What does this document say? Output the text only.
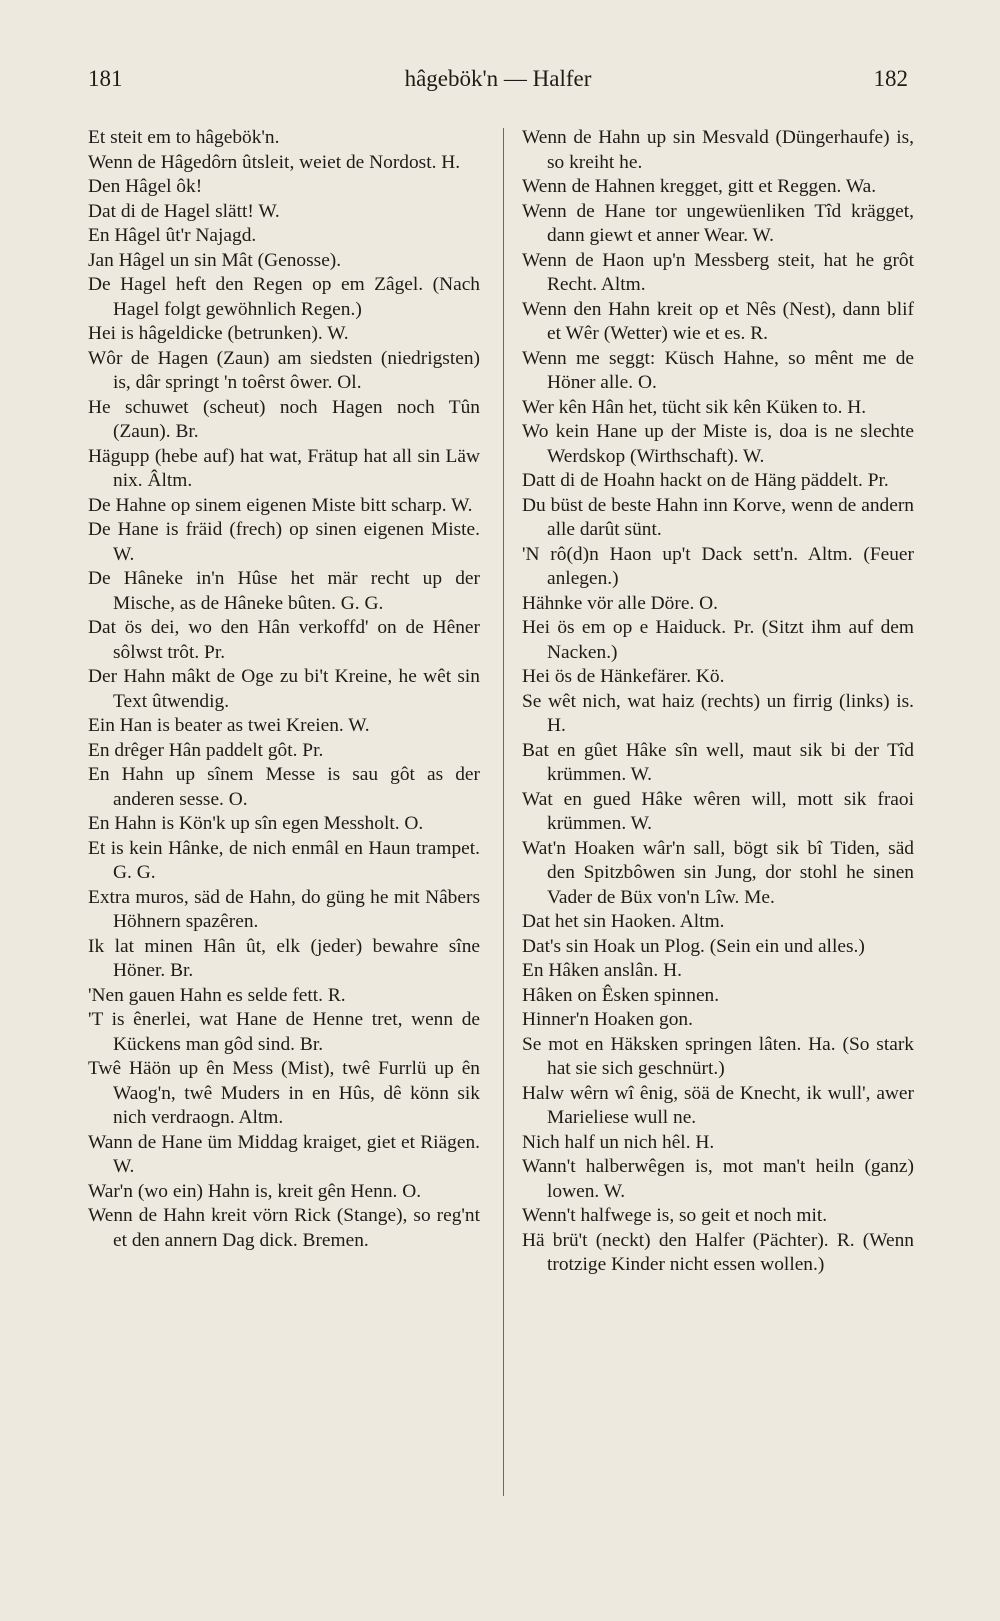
hâgebök'n — Halfer
181	182

Et steit em to hâgebök'n.

Wenn de Hâgedôrn ûtsleit, weiet de Nordost. H.

Den Hâgel ôk!

Dat di de Hagel slätt! W.

En Hâgel ût'r Najagd.

Jan Hâgel un sin Mât (Genosse).

De Hagel heft den Regen op em Zâgel. (Nach Hagel folgt gewöhnlich Regen.)

Hei is hâgeldicke (betrunken). W.

Wôr de Hagen (Zaun) am siedsten (niedrigsten) is, dâr springt 'n toêrst ôwer. Ol.

He schuwet (scheut) noch Hagen noch Tûn (Zaun). Br.

Hägupp (hebe auf) hat wat, Frätup hat all sin Läw nix. Âltm.

De Hahne op sinem eigenen Miste bitt scharp. W.

De Hane is fräid (frech) op sinen eigenen Miste. W.

De Hâneke in'n Hûse het mär recht up der Mische, as de Hâneke bûten. G. G.

Dat ös dei, wo den Hân verkoffd' on de Hêner sôlwst trôt. Pr.

Der Hahn mâkt de Oge zu bi't Kreine, he wêt sin Text ûtwendig.

Ein Han is beater as twei Kreien. W.

En drêger Hân paddelt gôt. Pr.

En Hahn up sînem Messe is sau gôt as der anderen sesse. O.

En Hahn is Kön'k up sîn egen Messholt. O.

Et is kein Hânke, de nich enmâl en Haun trampet. G. G.

Extra muros, säd de Hahn, do güng he mit Nâbers Höhnern spazêren.

Ik lat minen Hân ût, elk (jeder) bewahre sîne Höner. Br.

'Nen gauen Hahn es selde fett. R.

'T is ênerlei, wat Hane de Henne tret, wenn de Kückens man gôd sind. Br.

Twê Häön up ên Mess (Mist), twê Furrlü up ên Waog'n, twê Muders in en Hûs, dê könn sik nich verdraogn. Altm.

Wann de Hane üm Middag kraiget, giet et Riägen. W.

War'n (wo ein) Hahn is, kreit gên Henn. O.

Wenn de Hahn kreit vörn Rick (Stange), so reg'nt et den annern Dag dick. Bremen.

Wenn de Hahn up sin Mesvald (Düngerhaufe) is, so kreiht he.

Wenn de Hahnen kregget, gitt et Reggen. Wa.

Wenn de Hane tor ungewüenliken Tîd krägget, dann giewt et anner Wear. W.

Wenn de Haon up'n Messberg steit, hat he grôt Recht. Altm.

Wenn den Hahn kreit op et Nês (Nest), dann blif et Wêr (Wetter) wie et es. R.

Wenn me seggt: Küsch Hahne, so mênt me de Höner alle. O.

Wer kên Hân het, tücht sik kên Küken to. H.

Wo kein Hane up der Miste is, doa is ne slechte Werdskop (Wirthschaft). W.

Datt di de Hoahn hackt on de Häng päddelt. Pr.

Du büst de beste Hahn inn Korve, wenn de andern alle darût sünt.

'N rô(d)n Haon up't Dack sett'n. Altm. (Feuer anlegen.)

Hähnke vör alle Döre. O.

Hei ös em op e Haiduck. Pr. (Sitzt ihm auf dem Nacken.)

Hei ös de Hänkefärer. Kö.

Se wêt nich, wat haiz (rechts) un firrig (links) is. H.

Bat en gûet Hâke sîn well, maut sik bi der Tîd krümmen. W.

Wat en gued Hâke wêren will, mott sik fraoi krümmen. W.

Wat'n Hoaken wâr'n sall, bögt sik bî Tiden, säd den Spitzbôwen sin Jung, dor stohl he sinen Vader de Büx von'n Lîw. Me.

Dat het sin Haoken. Altm.

Dat's sin Hoak un Plog. (Sein ein und alles.)

En Hâken anslân. H.

Hâken on Êsken spinnen.

Hinner'n Hoaken gon.

Se mot en Häksken springen lâten. Ha. (So stark hat sie sich geschnürt.)

Halw wêrn wî ênig, söä de Knecht, ik wull', awer Marieliese wull ne.

Nich half un nich hêl. H.

Wann't halberwêgen is, mot man't heiln (ganz) lowen. W.

Wenn't halfwege is, so geit et noch mit.

Hä brü't (neckt) den Halfer (Pächter). R. (Wenn trotzige Kinder nicht essen wollen.)
